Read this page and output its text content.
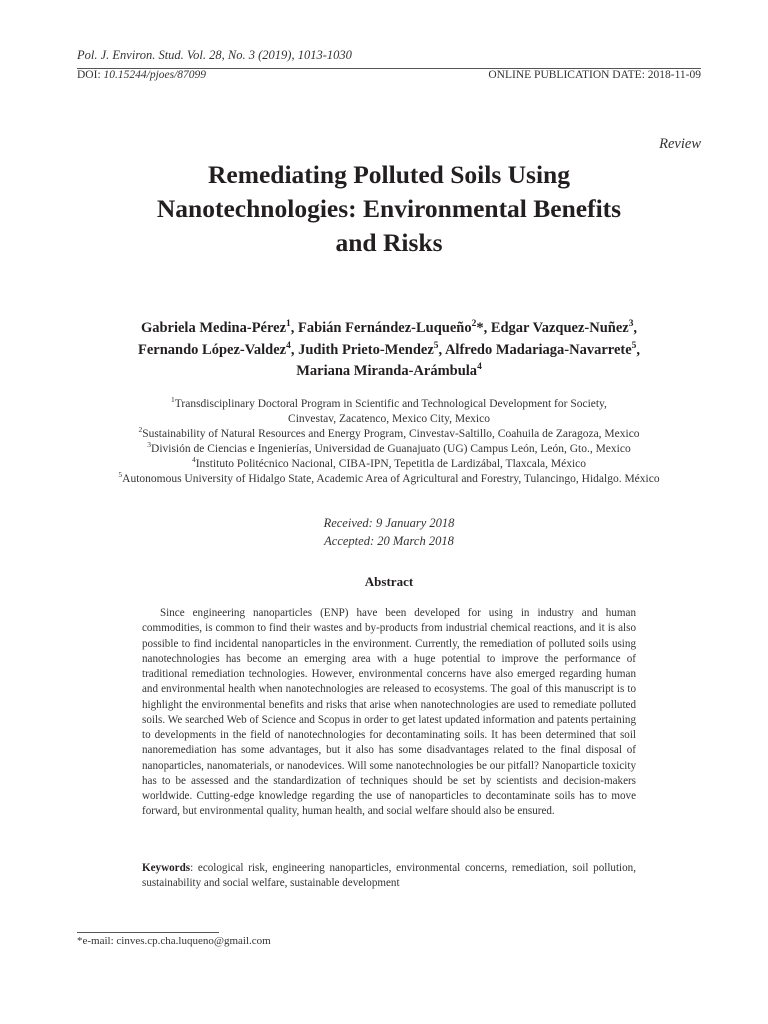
Pol. J. Environ. Stud. Vol. 28, No. 3 (2019), 1013-1030
DOI: 10.15244/pjoes/87099	ONLINE PUBLICATION DATE: 2018-11-09
Review
Remediating Polluted Soils Using
Nanotechnologies: Environmental Benefits
and Risks
Gabriela Medina-Pérez$^1$, Fabián Fernández-Luqueño$^2$*, Edgar Vazquez-Nuñez$^3$,
Fernando López-Valdez$^4$, Judith Prieto-Mendez$^5$, Alfredo Madariaga-Navarrete$^5$,
Mariana Miranda-Arámbula$^4$
$^1$Transdisciplinary Doctoral Program in Scientific and Technological Development for Society,
Cinvestav, Zacatenco, Mexico City, Mexico
$^2$Sustainability of Natural Resources and Energy Program, Cinvestav-Saltillo, Coahuila de Zaragoza, Mexico
$^3$División de Ciencias e Ingenierías, Universidad de Guanajuato (UG) Campus León, León, Gto., Mexico
$^4$Instituto Politécnico Nacional, CIBA-IPN, Tepetitla de Lardizábal, Tlaxcala, México
$^5$Autonomous University of Hidalgo State, Academic Area of Agricultural and Forestry, Tulancingo, Hidalgo. México
Received: 9 January 2018
Accepted: 20 March 2018
Abstract

Since engineering nanoparticles (ENP) have been developed for using in industry and human commodities, is common to find their wastes and by-products from industrial chemical reactions, and it is also possible to find incidental nanoparticles in the environment. Currently, the remediation of polluted soils using nanotechnologies has become an emerging area with a huge potential to improve the performance of traditional remediation technologies. However, environmental concerns have also emerged regarding human and environmental health when nanotechnologies are released to ecosystems. The goal of this manuscript is to highlight the environmental benefits and risks that arise when nanotechnologies are used to remediate polluted soils. We searched Web of Science and Scopus in order to get latest updated information and patents pertaining to developments in the field of nanotechnologies for decontaminating soils. It has been determined that soil nanoremediation has some advantages, but it also has some disadvantages related to the final disposal of nanoparticles, nanomaterials, or nanodevices. Will some nanotechnologies be our pitfall? Nanoparticle toxicity has to be assessed and the standardization of techniques should be set by scientists and decision-makers worldwide. Cutting-edge knowledge regarding the use of nanoparticles to decontaminate soils has to move forward, but environmental quality, human health, and social welfare should also be ensured.

Keywords: ecological risk, engineering nanoparticles, environmental concerns, remediation, soil pollution, sustainability and social welfare, sustainable development

*e-mail: cinves.cp.cha.luqueno@gmail.com
